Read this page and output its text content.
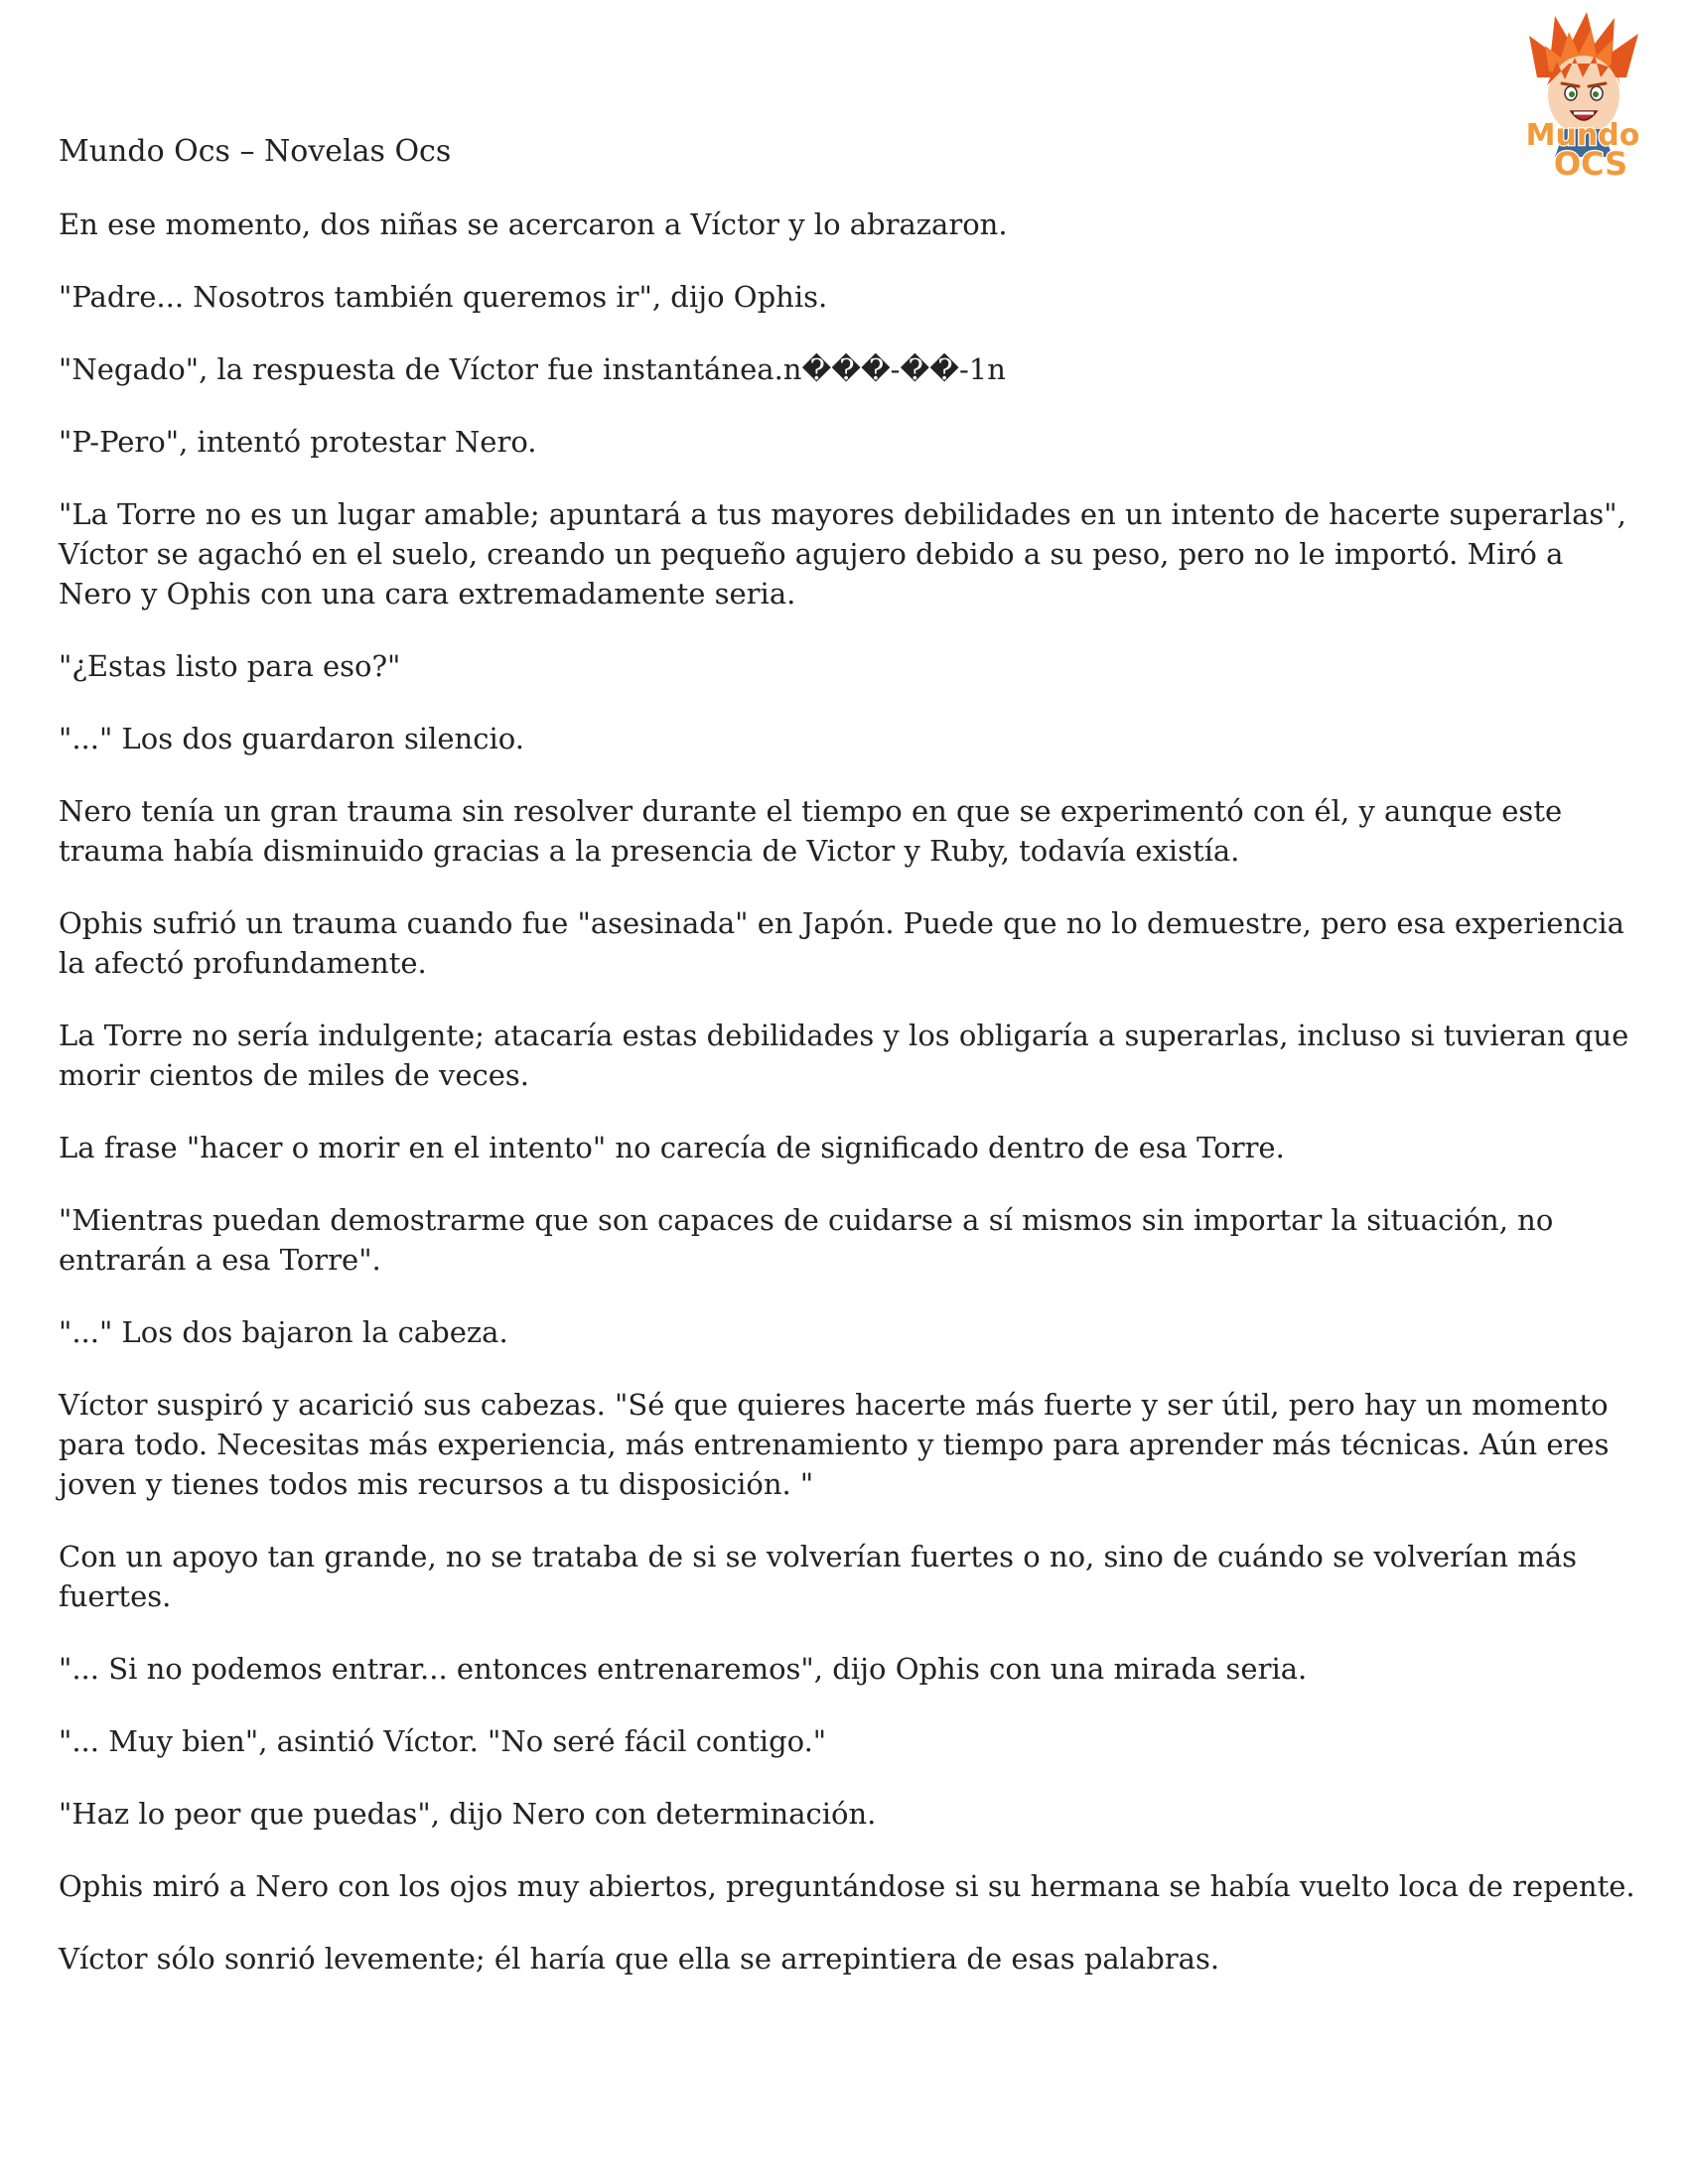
Mundo
OCS

Mundo Ocs – Novelas Ocs

En ese momento, dos niñas se acercaron a Víctor y lo abrazaron.

"Padre... Nosotros también queremos ir", dijo Ophis.

"Negado", la respuesta de Víctor fue instantánea.n���-��-1n

"P-Pero", intentó protestar Nero.

"La Torre no es un lugar amable; apuntará a tus mayores debilidades en un intento de hacerte superarlas", Víctor se agachó en el suelo, creando un pequeño agujero debido a su peso, pero no le importó. Miró a Nero y Ophis con una cara extremadamente seria.

"¿Estas listo para eso?"

"..." Los dos guardaron silencio.

Nero tenía un gran trauma sin resolver durante el tiempo en que se experimentó con él, y aunque este trauma había disminuido gracias a la presencia de Victor y Ruby, todavía existía.

Ophis sufrió un trauma cuando fue "asesinada" en Japón. Puede que no lo demuestre, pero esa experiencia la afectó profundamente.

La Torre no sería indulgente; atacaría estas debilidades y los obligaría a superarlas, incluso si tuvieran que morir cientos de miles de veces.

La frase "hacer o morir en el intento" no carecía de significado dentro de esa Torre.

"Mientras puedan demostrarme que son capaces de cuidarse a sí mismos sin importar la situación, no entrarán a esa Torre".

"..." Los dos bajaron la cabeza.

Víctor suspiró y acarició sus cabezas. "Sé que quieres hacerte más fuerte y ser útil, pero hay un momento para todo. Necesitas más experiencia, más entrenamiento y tiempo para aprender más técnicas. Aún eres joven y tienes todos mis recursos a tu disposición. "

Con un apoyo tan grande, no se trataba de si se volverían fuertes o no, sino de cuándo se volverían más fuertes.

"... Si no podemos entrar... entonces entrenaremos", dijo Ophis con una mirada seria.

"... Muy bien", asintió Víctor. "No seré fácil contigo."

"Haz lo peor que puedas", dijo Nero con determinación.

Ophis miró a Nero con los ojos muy abiertos, preguntándose si su hermana se había vuelto loca de repente.

Víctor sólo sonrió levemente; él haría que ella se arrepintiera de esas palabras.
